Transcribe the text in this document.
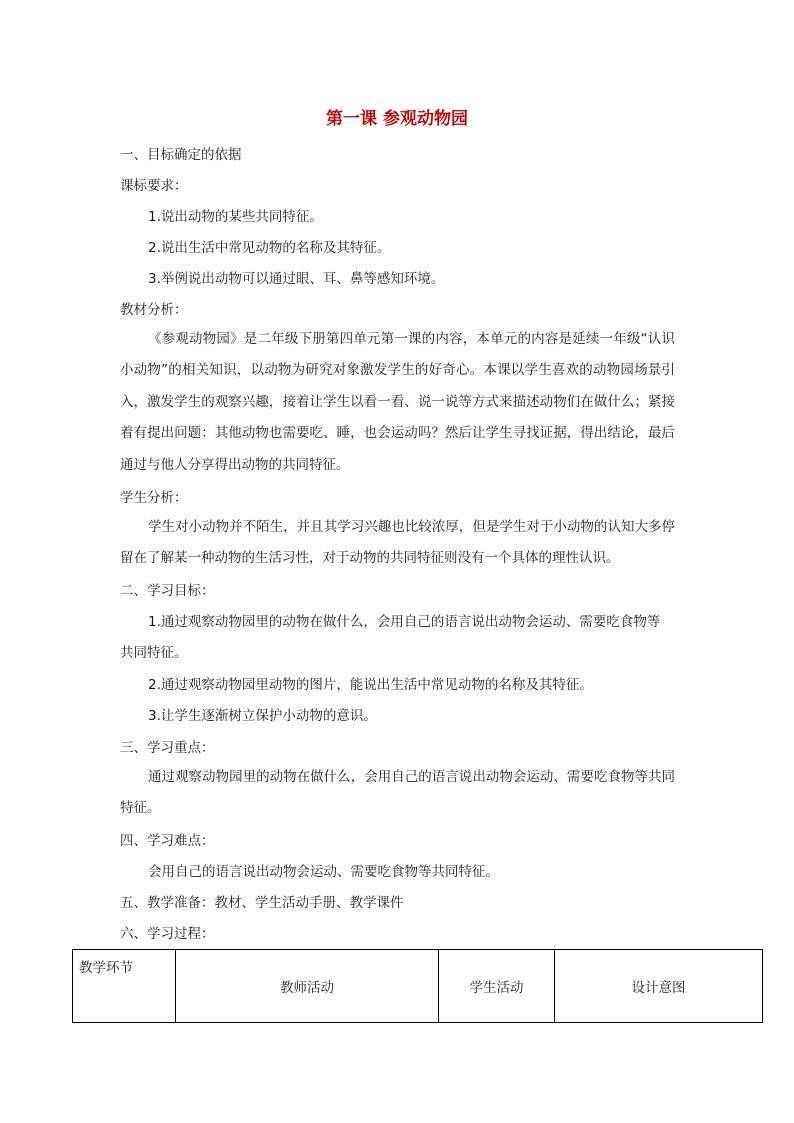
第一课 参观动物园
一、目标确定的依据
课标要求：
1.说出动物的某些共同特征。
2.说出生活中常见动物的名称及其特征。
3.举例说出动物可以通过眼、耳、鼻等感知环境。
教材分析：
《参观动物园》是二年级下册第四单元第一课的内容，本单元的内容是延续一年级“认识小动物”的相关知识，以动物为研究对象激发学生的好奇心。本课以学生喜欢的动物园场景引入，激发学生的观察兴趣，接着让学生以看一看、说一说等方式来描述动物们在做什么；紧接着有提出问题：其他动物也需要吃、睡，也会运动吗？然后让学生寻找证据，得出结论，最后通过与他人分享得出动物的共同特征。
学生分析：
学生对小动物并不陌生，并且其学习兴趣也比较浓厚，但是学生对于小动物的认知大多停留在了解某一种动物的生活习性，对于动物的共同特征则没有一个具体的理性认识。
二、学习目标：
1.通过观察动物园里的动物在做什么，会用自己的语言说出动物会运动、需要吃食物等
共同特征。
2.通过观察动物园里动物的图片，能说出生活中常见动物的名称及其特征。
3.让学生逐渐树立保护小动物的意识。
三、学习重点：
通过观察动物园里的动物在做什么，会用自己的语言说出动物会运动、需要吃食物等共同特征。
四、学习难点：
会用自己的语言说出动物会运动、需要吃食物等共同特征。
五、教学准备：教材、学生活动手册、教学课件
六、学习过程：
教学环节	教师活动	学生活动	设计意图
